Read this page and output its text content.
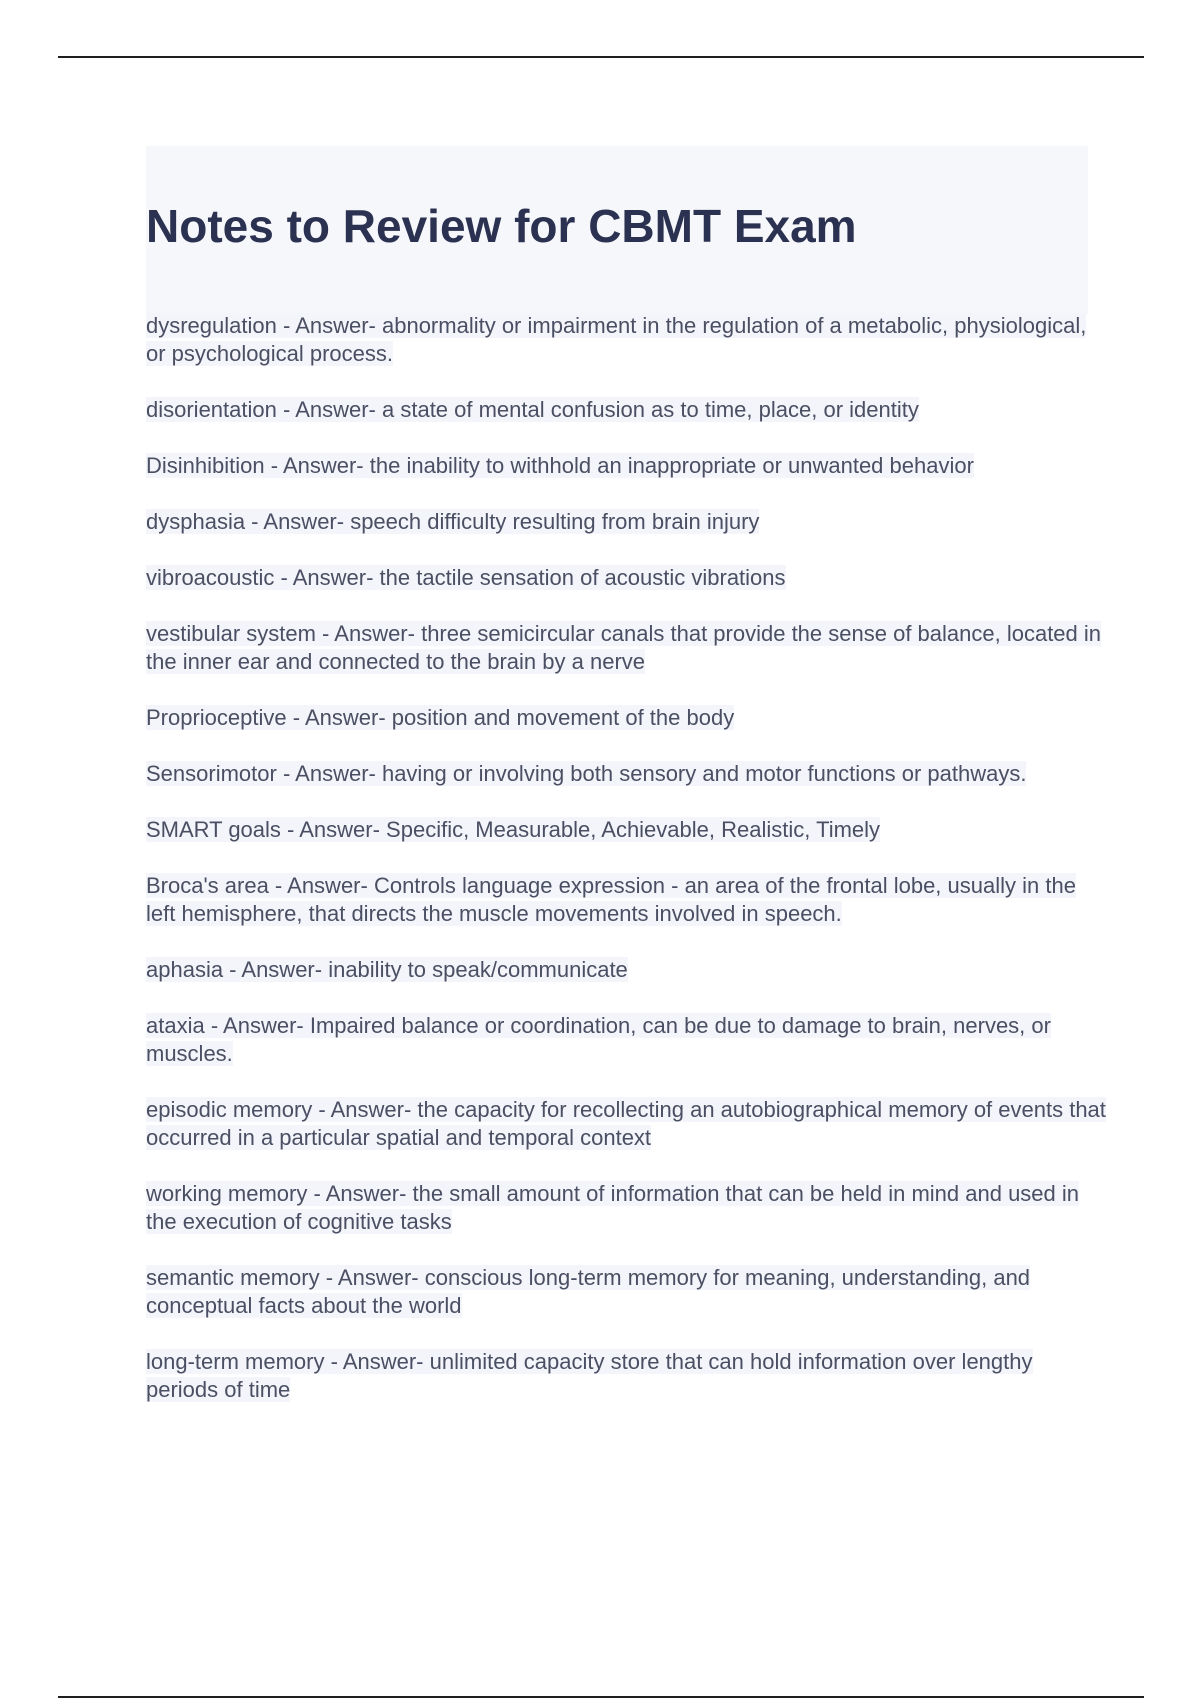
Notes to Review for CBMT Exam
dysregulation - Answer- abnormality or impairment in the regulation of a metabolic, physiological, or psychological process.
disorientation - Answer- a state of mental confusion as to time, place, or identity
Disinhibition - Answer- the inability to withhold an inappropriate or unwanted behavior
dysphasia - Answer- speech difficulty resulting from brain injury
vibroacoustic - Answer- the tactile sensation of acoustic vibrations
vestibular system - Answer- three semicircular canals that provide the sense of balance, located in the inner ear and connected to the brain by a nerve
Proprioceptive - Answer- position and movement of the body
Sensorimotor - Answer- having or involving both sensory and motor functions or pathways.
SMART goals - Answer- Specific, Measurable, Achievable, Realistic, Timely
Broca's area - Answer- Controls language expression - an area of the frontal lobe, usually in the left hemisphere, that directs the muscle movements involved in speech.
aphasia - Answer- inability to speak/communicate
ataxia - Answer- Impaired balance or coordination, can be due to damage to brain, nerves, or muscles.
episodic memory - Answer- the capacity for recollecting an autobiographical memory of events that occurred in a particular spatial and temporal context
working memory - Answer- the small amount of information that can be held in mind and used in the execution of cognitive tasks
semantic memory - Answer- conscious long-term memory for meaning, understanding, and conceptual facts about the world
long-term memory - Answer- unlimited capacity store that can hold information over lengthy periods of time
